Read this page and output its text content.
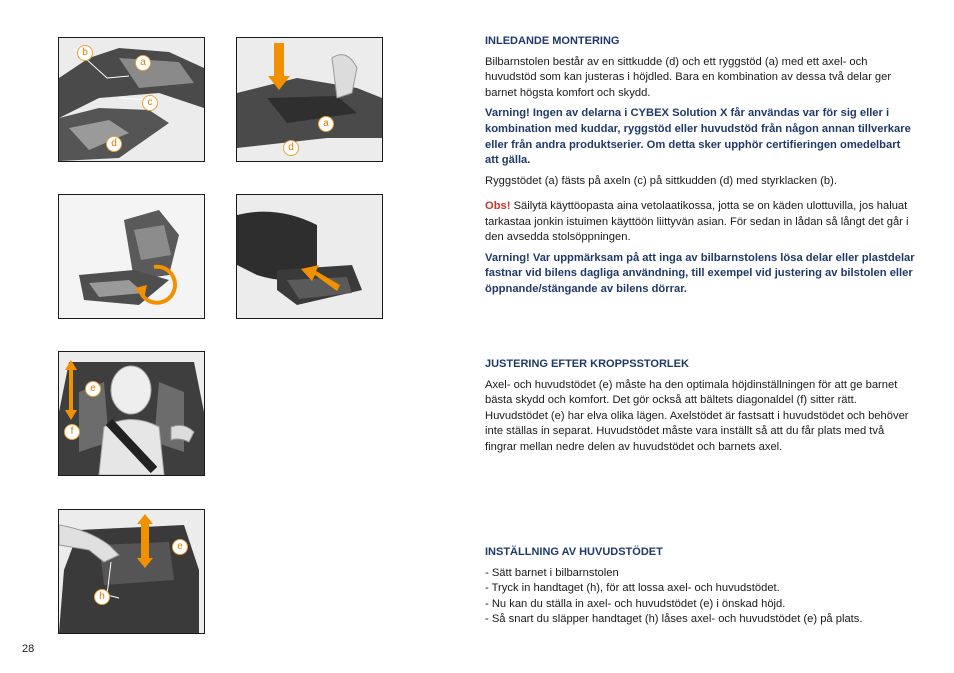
b
a
c
d
a
d
e
f
e
h
INLEDANDE MONTERING
Bilbarnstolen består av en sittkudde (d) och ett ryggstöd (a) med ett axel- och huvudstöd som kan justeras i höjdled. Bara en kombination av dessa två delar ger barnet högsta komfort och skydd.
Varning! Ingen av delarna i CYBEX Solution X får användas var för sig eller i kombination med kuddar, ryggstöd eller huvudstöd från någon annan tillverkare eller från andra produktserier. Om detta sker upphör certifieringen omedelbart att gälla.
Ryggstödet (a) fästs på axeln (c) på sittkudden (d) med styrklacken (b).
Obs! Säilytä käyttöopasta aina vetolaatikossa, jotta se on käden ulottuvilla, jos haluat tarkastaa jonkin istuimen käyttöön liittyvän asian. För sedan in lådan så långt det går i den avsedda stolsöppningen.
Varning! Var uppmärksam på att inga av bilbarnstolens lösa delar eller plastdelar fastnar vid bilens dagliga användning, till exempel vid justering av bilstolen eller öppnande/stängande av bilens dörrar.
JUSTERING EFTER KROPPSSTORLEK
Axel- och huvudstödet (e) måste ha den optimala höjdinställningen för att ge barnet bästa skydd och komfort. Det gör också att bältets diagonaldel (f) sitter rätt. Huvudstödet (e) har elva olika lägen. Axelstödet är fastsatt i huvudstödet och behöver inte ställas in separat. Huvudstödet måste vara inställt så att du får plats med två fingrar mellan nedre delen av huvudstödet och barnets axel.
INSTÄLLNING AV HUVUDSTÖDET
- Sätt barnet i bilbarnstolen
- Tryck in handtaget (h), för att lossa axel- och huvudstödet.
- Nu kan du ställa in axel- och huvudstödet (e) i önskad höjd.
- Så snart du släpper handtaget (h) låses axel- och huvudstödet (e) på plats.
28
